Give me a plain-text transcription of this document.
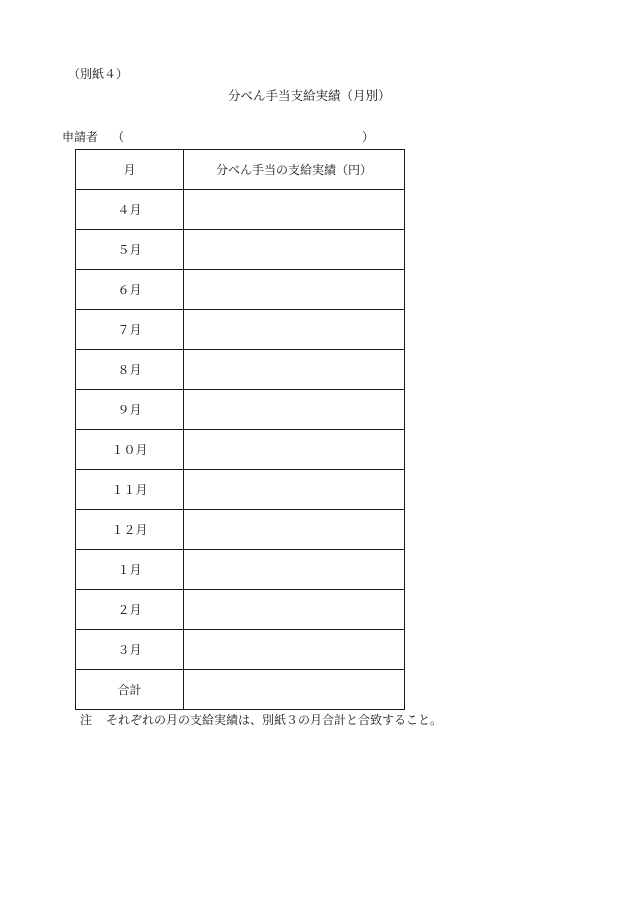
（別紙４）
分べん手当支給実績（月別）
申請者 （	）
月	分べん手当の支給実績（円）
４月	
５月	
６月	
７月	
８月	
９月	
１０月	
１１月	
１２月	
１月	
２月	
３月	
合計	
注 それぞれの月の支給実績は、別紙３の月合計と合致すること。
